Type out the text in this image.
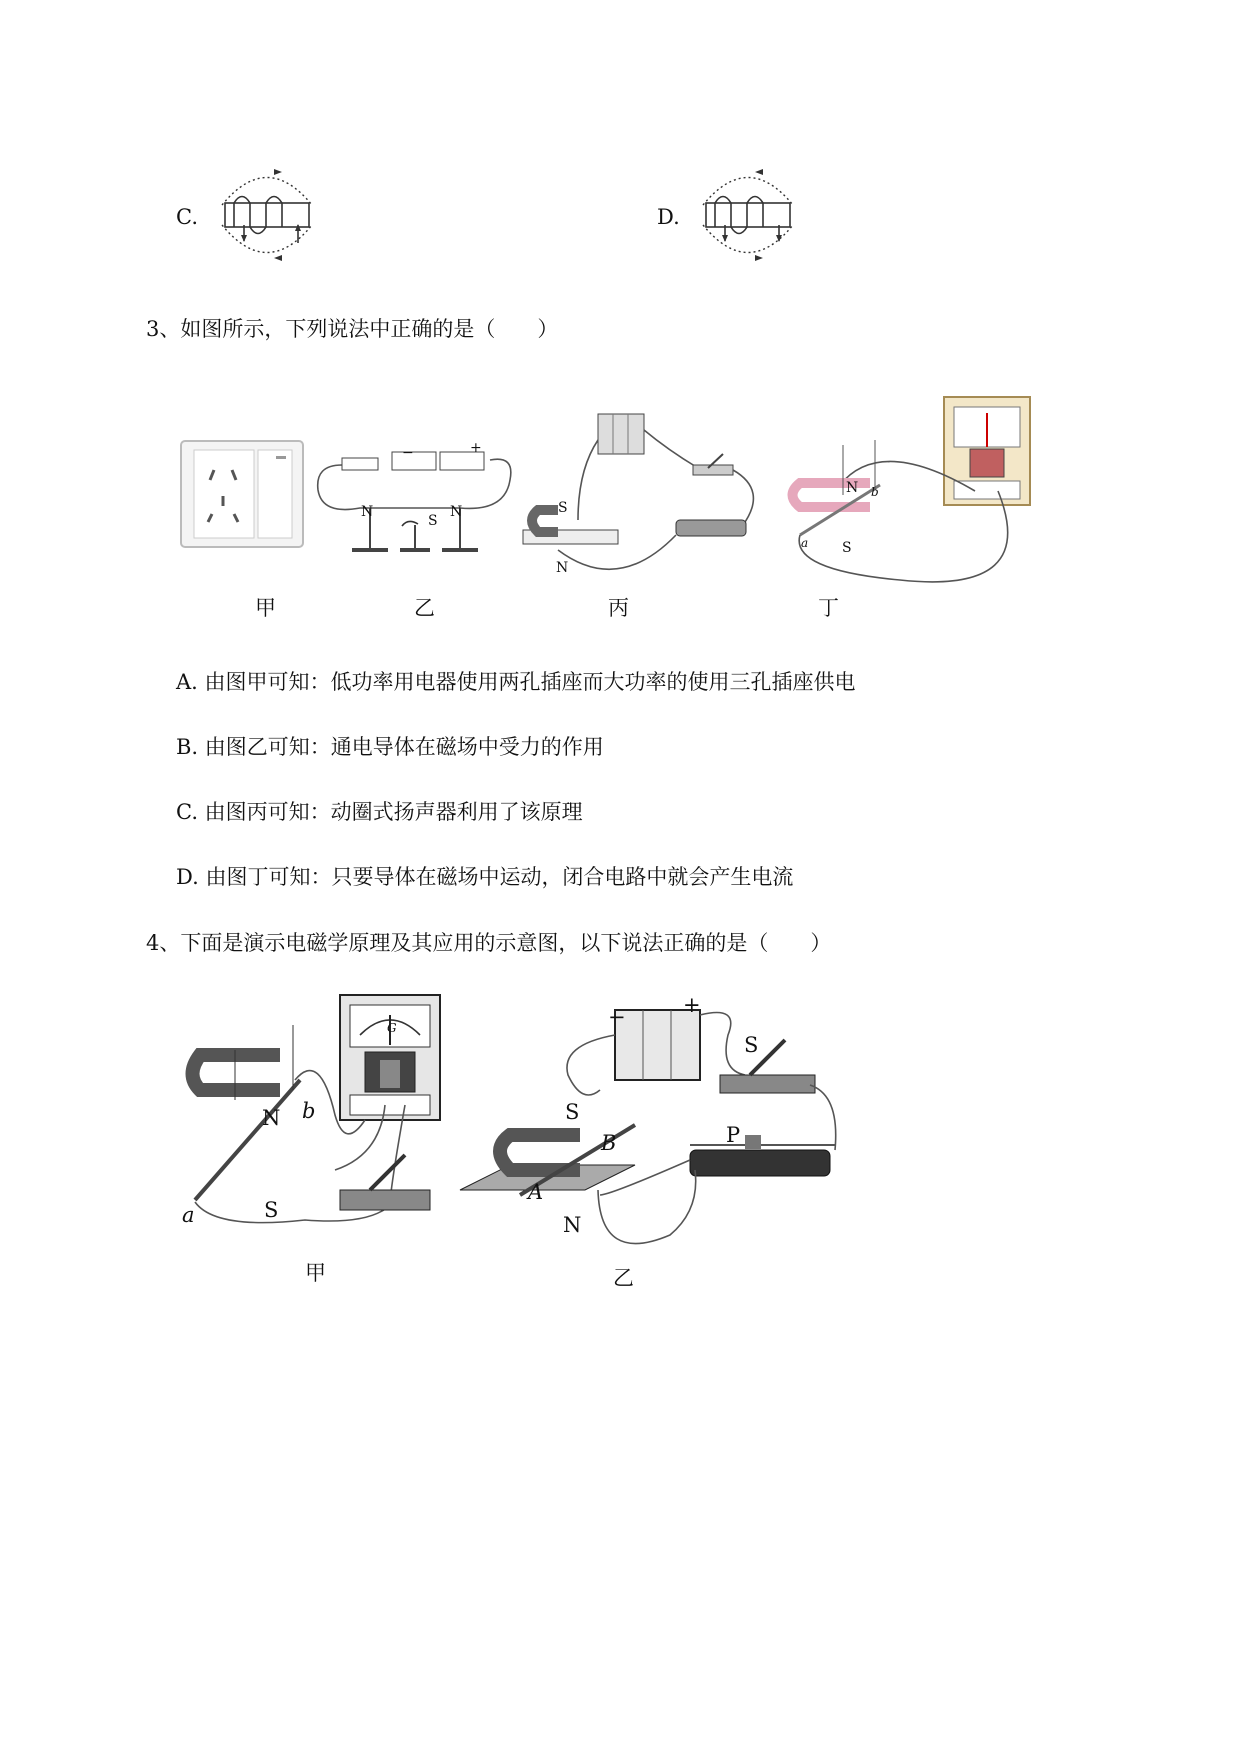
C.	D.
3、如图所示，下列说法中正确的是（　　）
−	+
N
S
N	S
N
N b
a S
甲	乙	丙	丁
A. 由图甲可知：低功率用电器使用两孔插座而大功率的使用三孔插座供电
B. 由图乙可知：通电导体在磁场中受力的作用
C. 由图丙可知：动圈式扬声器利用了该原理
D. 由图丁可知：只要导体在磁场中运动，闭合电路中就会产生电流
4、下面是演示电磁学原理及其应用的示意图，以下说法正确的是（　　）
G
N b
a	S
甲
−	+
S
S
B
A
N
P
乙
